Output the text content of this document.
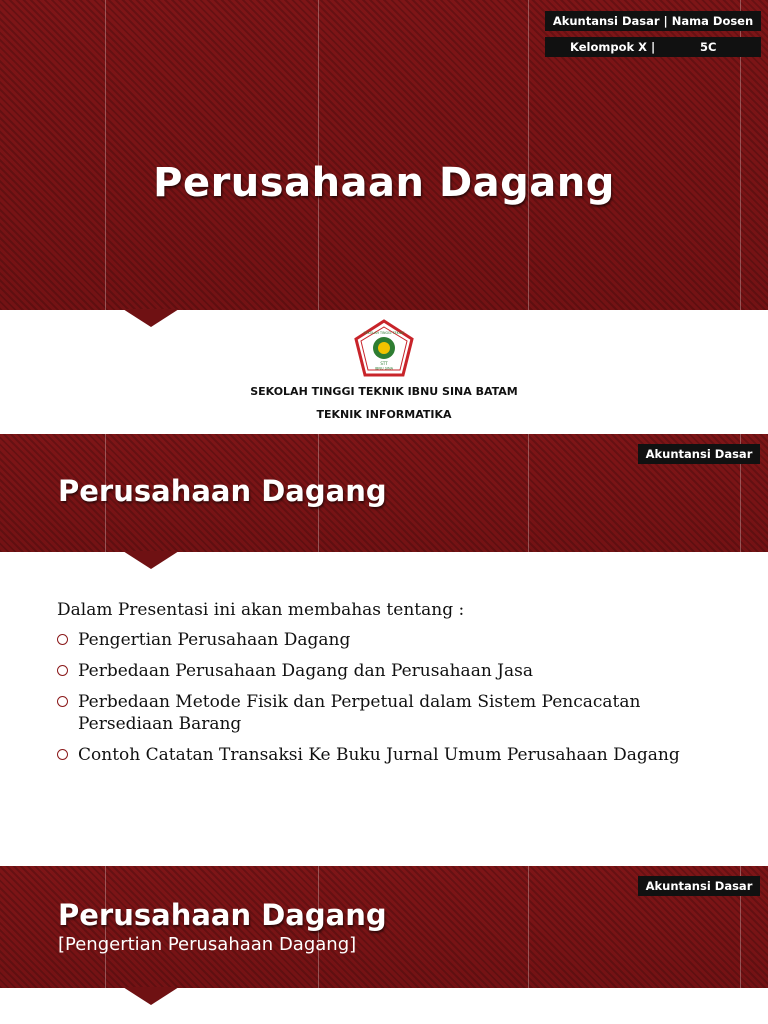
Akuntansi Dasar | Nama Dosen
Kelompok X |	5C
Perusahaan Dagang
STT
IBNU SINA
SEKOLAH TINGGI TEKNIK
SEKOLAH TINGGI TEKNIK IBNU SINA BATAM
TEKNIK INFORMATIKA
Akuntansi Dasar
Perusahaan Dagang

Dalam Presentasi ini akan membahas tentang :

Pengertian Perusahaan Dagang
Perbedaan Perusahaan Dagang dan Perusahaan Jasa
Perbedaan Metode Fisik dan Perpetual dalam Sistem Pencacatan Persediaan Barang
Contoh Catatan Transaksi Ke Buku Jurnal Umum Perusahaan Dagang
Akuntansi Dasar
Perusahaan Dagang
[Pengertian Perusahaan Dagang]
